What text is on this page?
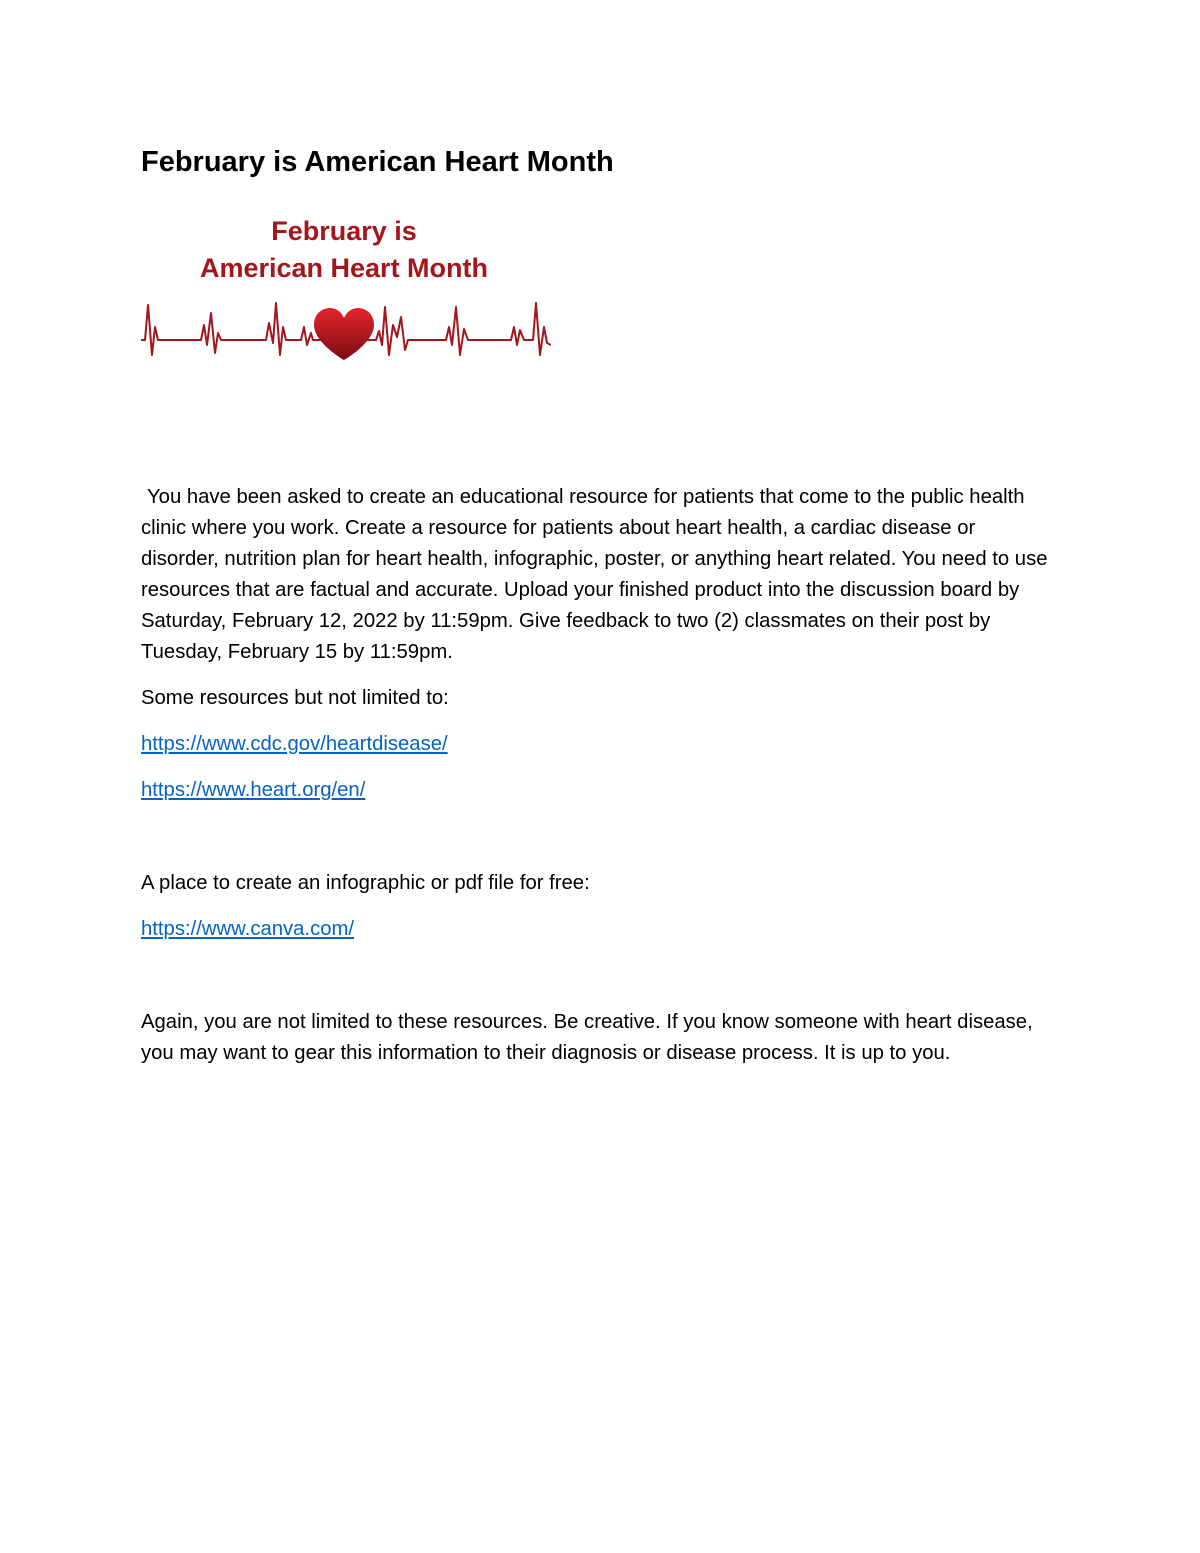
February is American Heart Month
February is
American Heart Month

You have been asked to create an educational resource for patients that come to the public health clinic where you work. Create a resource for patients about heart health, a cardiac disease or disorder, nutrition plan for heart health, infographic, poster, or anything heart related. You need to use resources that are factual and accurate. Upload your finished product into the discussion board by Saturday, February 12, 2022 by 11:59pm. Give feedback to two (2) classmates on their post by Tuesday, February 15 by 11:59pm.

Some resources but not limited to:

https://www.cdc.gov/heartdisease/

https://www.heart.org/en/

A place to create an infographic or pdf file for free:

https://www.canva.com/

Again, you are not limited to these resources. Be creative. If you know someone with heart disease, you may want to gear this information to their diagnosis or disease process. It is up to you.
